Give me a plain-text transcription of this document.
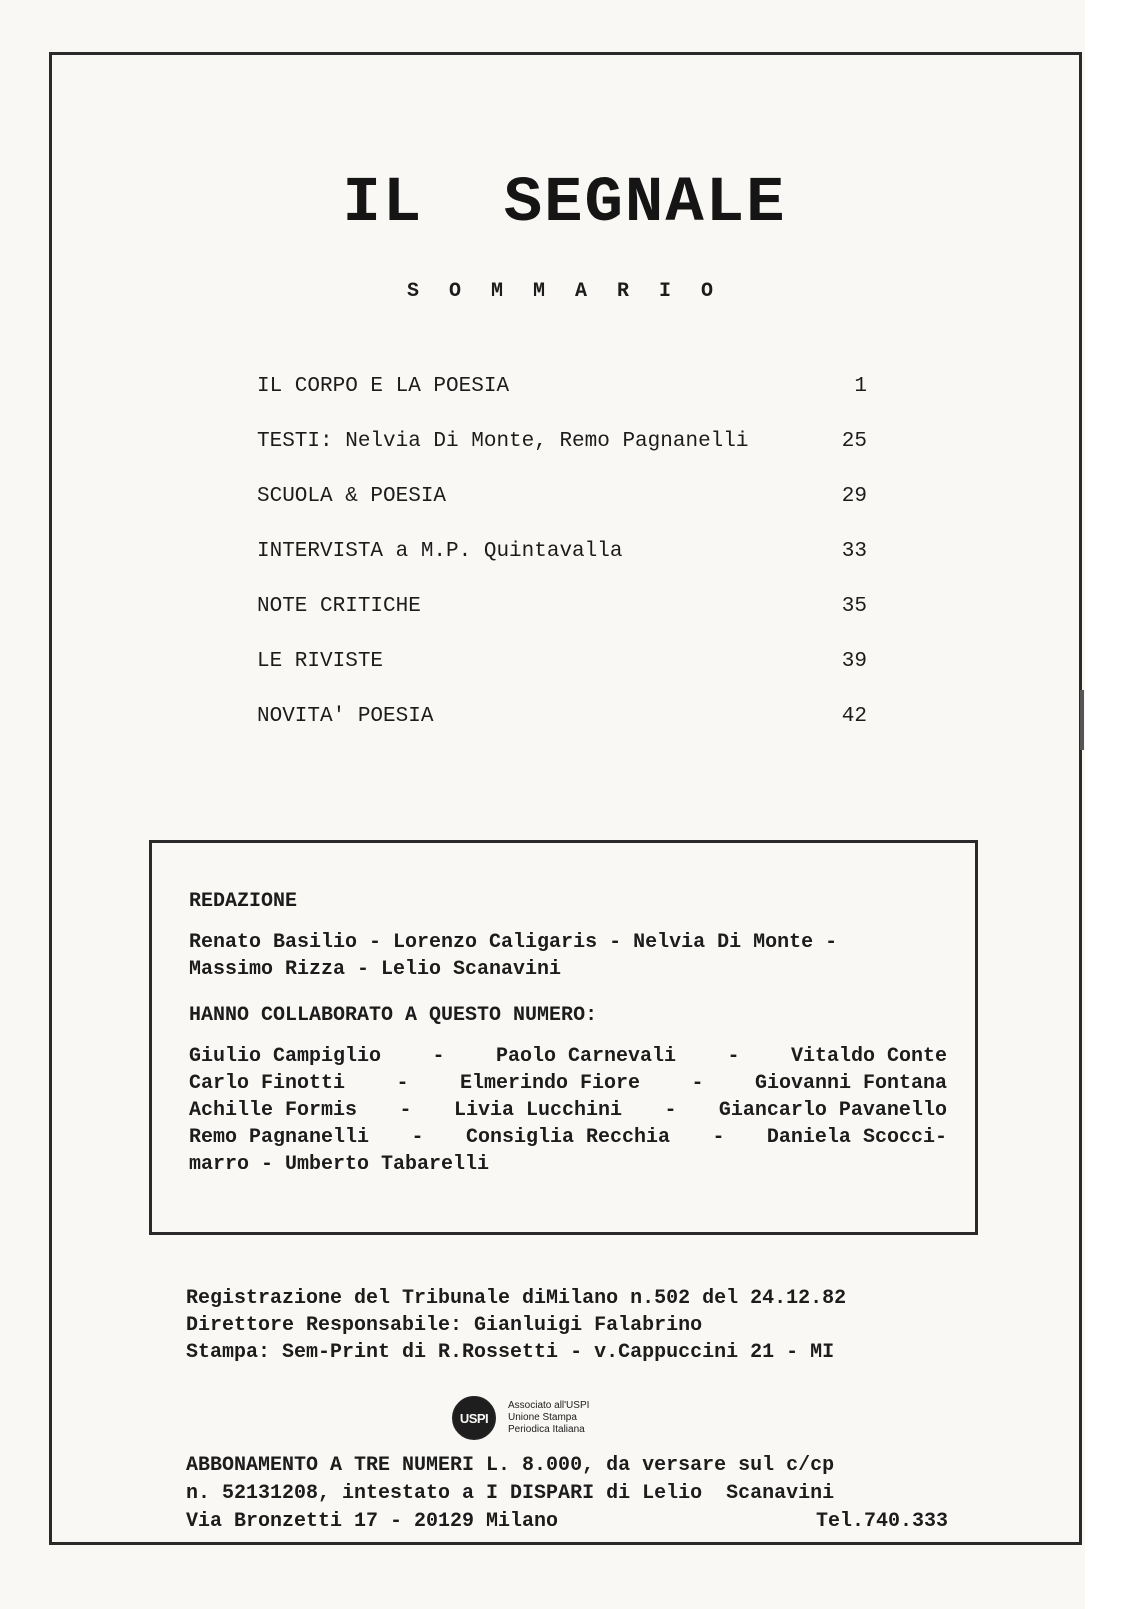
IL SEGNALE
S O M M A R I O
IL CORPO E LA POESIA	1
TESTI: Nelvia Di Monte, Remo Pagnanelli	25
SCUOLA & POESIA	29
INTERVISTA a M.P. Quintavalla	33
NOTE CRITICHE	35
LE RIVISTE	39
NOVITA' POESIA	42
REDAZIONE
Renato Basilio - Lorenzo Caligaris - Nelvia Di Monte -
Massimo Rizza - Lelio Scanavini
HANNO COLLABORATO A QUESTO NUMERO:
Giulio Campiglio	-	Paolo Carnevali	-	Vitaldo Conte
Carlo Finotti	-	Elmerindo Fiore	-	Giovanni Fontana
Achille Formis - Livia Lucchini - Giancarlo Pavanello
Remo Pagnanelli - Consiglia Recchia - Daniela Scocci-
marro - Umberto Tabarelli
Registrazione del Tribunale diMilano n.502 del 24.12.82
Direttore Responsabile: Gianluigi Falabrino
Stampa: Sem-Print di R.Rossetti - v.Cappuccini 21 - MI
USPI
Associato all'USPI
Unione Stampa
Periodica Italiana
ABBONAMENTO A TRE NUMERI L. 8.000, da versare sul c/cp
n. 52131208, intestato a I DISPARI di Lelio  Scanavini
Via Bronzetti 17 - 20129 Milano	Tel.740.333
